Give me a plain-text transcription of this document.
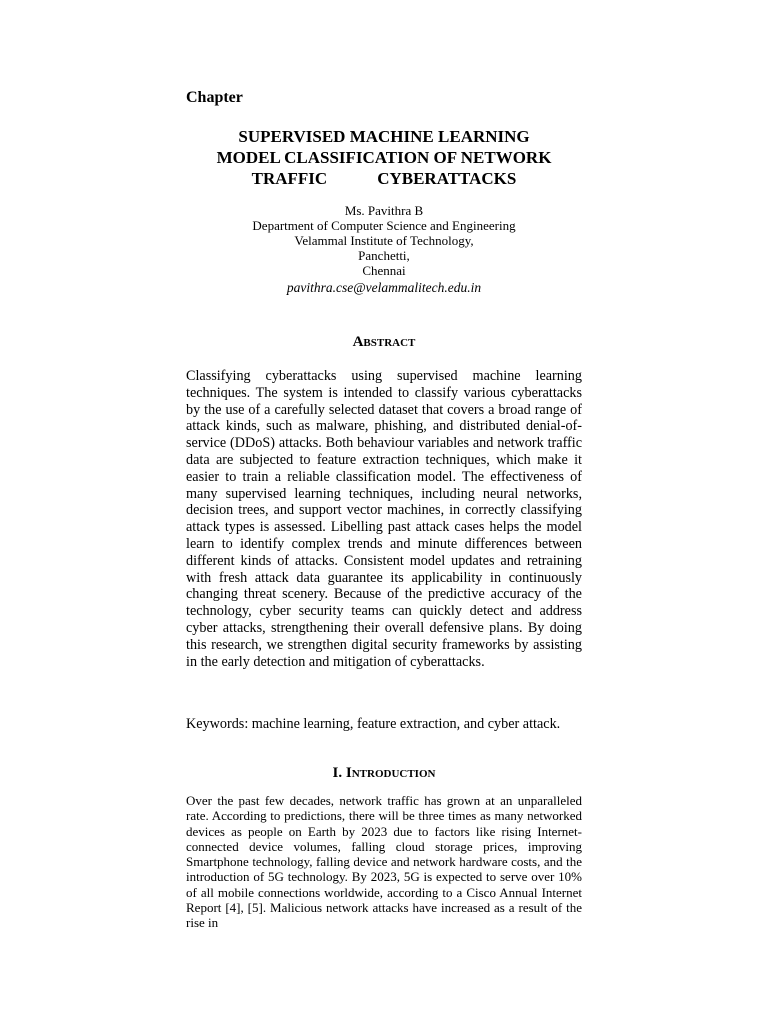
Chapter
SUPERVISED MACHINE LEARNING
MODEL CLASSIFICATION OF NETWORK
TRAFFIC	CYBERATTACKS
Ms. Pavithra B
Department of Computer Science and Engineering
Velammal Institute of Technology,
Panchetti,
Chennai
pavithra.cse@velammalitech.edu.in
Abstract

Classifying cyberattacks using supervised machine learning techniques. The system is intended to classify various cyberattacks by the use of a carefully selected dataset that covers a broad range of attack kinds, such as malware, phishing, and distributed denial-of-service (DDoS) attacks. Both behaviour variables and network traffic data are subjected to feature extraction techniques, which make it easier to train a reliable classification model. The effectiveness of many supervised learning techniques, including neural networks, decision trees, and support vector machines, in correctly classifying attack types is assessed. Libelling past attack cases helps the model learn to identify complex trends and minute differences between different kinds of attacks. Consistent model updates and retraining with fresh attack data guarantee its applicability in continuously changing threat scenery. Because of the predictive accuracy of the technology, cyber security teams can quickly detect and address cyber attacks, strengthening their overall defensive plans. By doing this research, we strengthen digital security frameworks by assisting in the early detection and mitigation of cyberattacks.

Keywords: machine learning, feature extraction, and cyber attack.

I. Introduction

Over the past few decades, network traffic has grown at an unparalleled rate. According to predictions, there will be three times as many networked devices as people on Earth by 2023 due to factors like rising Internet-connected device volumes, falling cloud storage prices, improving Smartphone technology, falling device and network hardware costs, and the introduction of 5G technology. By 2023, 5G is expected to serve over 10% of all mobile connections worldwide, according to a Cisco Annual Internet Report [4], [5]. Malicious network attacks have increased as a result of the rise in
